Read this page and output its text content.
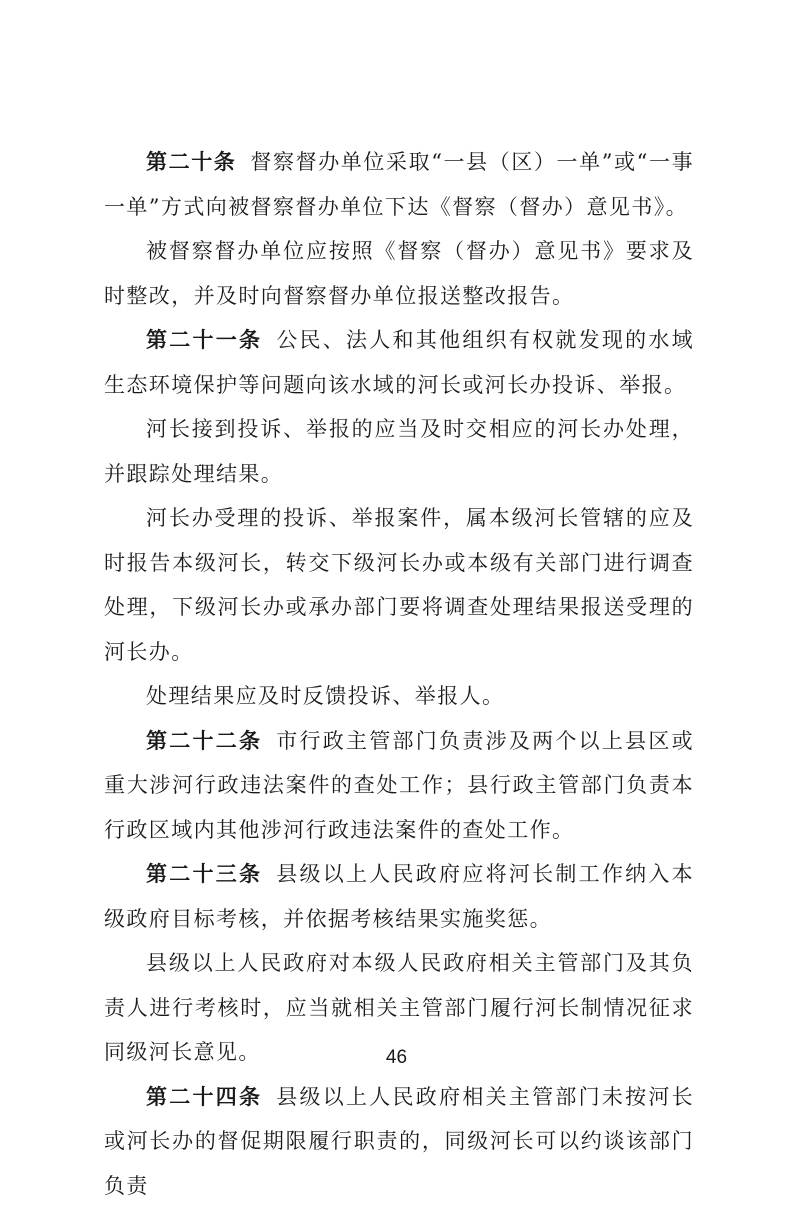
第二十条 督察督办单位采取“一县（区）一单”或“一事一单”方式向被督察督办单位下达《督察（督办）意见书》。

被督察督办单位应按照《督察（督办）意见书》要求及时整改，并及时向督察督办单位报送整改报告。

第二十一条 公民、法人和其他组织有权就发现的水域生态环境保护等问题向该水域的河长或河长办投诉、举报。

河长接到投诉、举报的应当及时交相应的河长办处理，并跟踪处理结果。

河长办受理的投诉、举报案件，属本级河长管辖的应及时报告本级河长，转交下级河长办或本级有关部门进行调查处理，下级河长办或承办部门要将调查处理结果报送受理的河长办。

处理结果应及时反馈投诉、举报人。

第二十二条 市行政主管部门负责涉及两个以上县区或重大涉河行政违法案件的查处工作；县行政主管部门负责本行政区域内其他涉河行政违法案件的查处工作。

第二十三条 县级以上人民政府应将河长制工作纳入本级政府目标考核，并依据考核结果实施奖惩。

县级以上人民政府对本级人民政府相关主管部门及其负责人进行考核时，应当就相关主管部门履行河长制情况征求同级河长意见。

第二十四条 县级以上人民政府相关主管部门未按河长或河长办的督促期限履行职责的，同级河长可以约谈该部门负责

46
